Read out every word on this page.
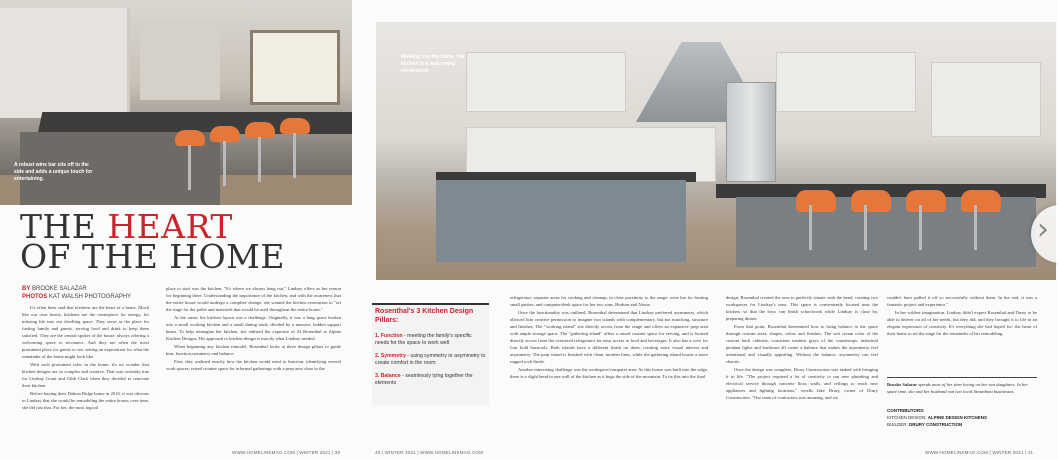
A robust wine bar sits off to the side and adds a unique touch for entertaining.
THE HEART
OF THE HOME
BY BROOKE SALAZAR
PHOTOS KAT WALSH PHOTOGRAPHY

It's often been said that kitchens are the heart of a home. Much like our own hearts, kitchens are the centerpiece for energy, for infusing life into our dwelling space. They serve as the place for fueling family and guests, serving food and drink to keep them satisfied. They are the central spokes of the house, always offering a welcoming space to reconnect. And they are often the most prominent place for guests to see, setting an expectation for what the remainder of the home might look like.

With such prominent roles in the home, it's no wonder that kitchen designs are so complex and creative. That was certainly true for Lindsay Grant and Gibb Clark when they decided to renovate their kitchen.

Before buying their Dakota Ridge home in 2016, it was obvious to Lindsay that she would be remodeling the entire house; over time, she did just that. For her, the most logical

place to start was the kitchen. "It's where we always hang out," Lindsay offers as her reason for beginning there. Understanding the importance of the kitchen, and with the awareness that the entire house would undergo a complete change, she wanted the kitchen renovation to "set the stage for the pallet and materials that would be used throughout the entire house."

At the onset, the kitchen layout was a challenge. Originally, it was a long space broken into a small working kitchen and a small dining nook, divided by a massive, hidden support beam. To help reimagine her kitchen, she enlisted the expertise of Al Rosenthal at Alpine Kitchen Designs. His approach to kitchen design is exactly what Lindsay needed.

When beginning any kitchen remodel, Rosenthal looks at three design pillars to guide him: function,symmetry and balance.

First, they outlined exactly how the kitchen would need to function, identifying several work spaces: raised counter space for informal gatherings with a prep area close to the

WWW.HOMELINKMAG.COM | WINTER 2021 | 39
Walking into the home, the kitchen is a welcoming centerpoint
Rosenthal's 3 Kitchen Design Pillars:
1. Function - meeting the family's specific needs for the space to work well
2. Symmetry - using symmetry or asymmetry to create comfort in the room
3. Balance - seamlessly tying together the elements

refrigerator; separate areas for cooking and cleanup, in close proximity to the range; wine bar for hosting small parties; and computer/desk space for her two sons, Hudson and Nixon.

Once the functionality was outlined, Rosenthal determined that Lindsay preferred asymmetry, which allowed him creative permission to imagine two islands with complementary, but not matching, structure and finishes. The "working island" sits directly across from the range and offers an expansive prep area with ample storage space. The "gathering island" offers a raised counter space for serving, and is located directly across from the oversized refrigerator for easy access to food and beverages. It also has a cove for four bold barstools. Both islands have a different finish on them, creating more visual interest and asymmetry. The prep island is finished with clean, modern lines, while the gathering island boasts a more rugged rock finish.

Another interesting challenge was the workspace/computer area. As this house was built into the ridge, there is a slight bend in one wall of the kitchen as it hugs the side of the mountain. To tie this into the final

design, Rosenthal created the area to perfectly situate with the bend, creating two workspaces for Lindsay's sons. This space is conveniently located near the kitchen, so that the boys can finish schoolwork while Lindsay is close by, preparing dinner.

From that point, Rosenthal determined how to bring balance to the space through custom sizes, shapes, colors and finishes. The soft cream color of the custom built cabinets, consistent modern grays of the countertops, industrial pendant lights and hardware all create a balance that makes the asymmetry feel intentional and visually appealing. Without the balance, asymmetry can feel chaotic.

Once the design was complete, Drury Construction was tasked with bringing it to life. "The project required a lot of creativity to run new plumbing and electrical service through concrete floor, walls, and ceilings to reach new appliances and lighting locations," recalls Jake Drury, owner of Drury Construction. "Our team of contractors was amazing, and we

couldn't have pulled it off so successfully without them. In the end, it was a fantastic project and experience."

In her wildest imagination, Lindsay didn't expect Rosenthal and Drury to be able to deliver on all of her needs, but they did, and they brought it to life in an elegant expression of creativity. It's everything she had hoped for: the heart of their home to set the stage for the remainder of her remodeling.

Brooke Salazar spends most of her time loving on her two daughters. In her spare time, she and her husband run two local Steamboat businesses.
CONTRIBUTORS:
KITCHEN DESIGN: ALPINE DESIGN KITCHENS
BUILDER: DRURY CONSTRUCTION
40 | WINTER 2021 | WWW.HOMELINKMAG.COM	WWW.HOMELINKMAG.COM | WINTER 2021 | 41
›
